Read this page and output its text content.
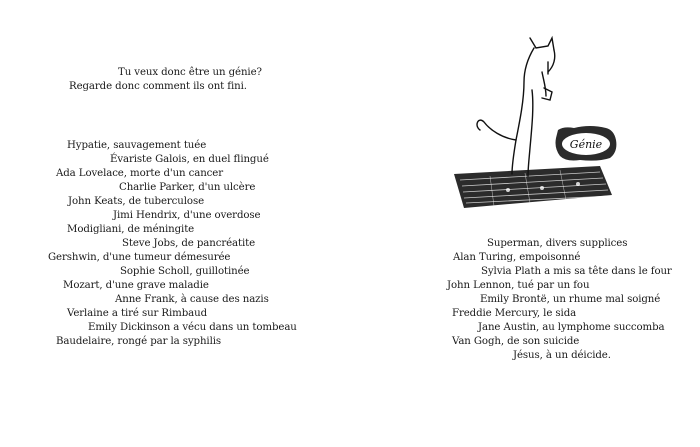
Tu veux donc être un génie?
Regarde donc comment ils ont fini.
Hypatie, sauvagement tuée
Évariste Galois, en duel flingué
Ada Lovelace, morte d'un cancer
Charlie Parker, d'un ulcère
John Keats, de tuberculose
Jimi Hendrix, d'une overdose
Modigliani, de méningite
Steve Jobs, de pancréatite
Gershwin, d'une tumeur démesurée
Sophie Scholl, guillotinée
Mozart, d'une grave maladie
Anne Frank, à cause des nazis
Verlaine a tiré sur Rimbaud
Emily Dickinson a vécu dans un tombeau
Baudelaire, rongé par la syphilis
Génie
Superman, divers supplices
Alan Turing, empoisonné
Sylvia Plath a mis sa tête dans le four
John Lennon, tué par un fou
Emily Brontë, un rhume mal soigné
Freddie Mercury, le sida
Jane Austin, au lymphome succomba
Van Gogh, de son suicide
Jésus, à un déicide.
